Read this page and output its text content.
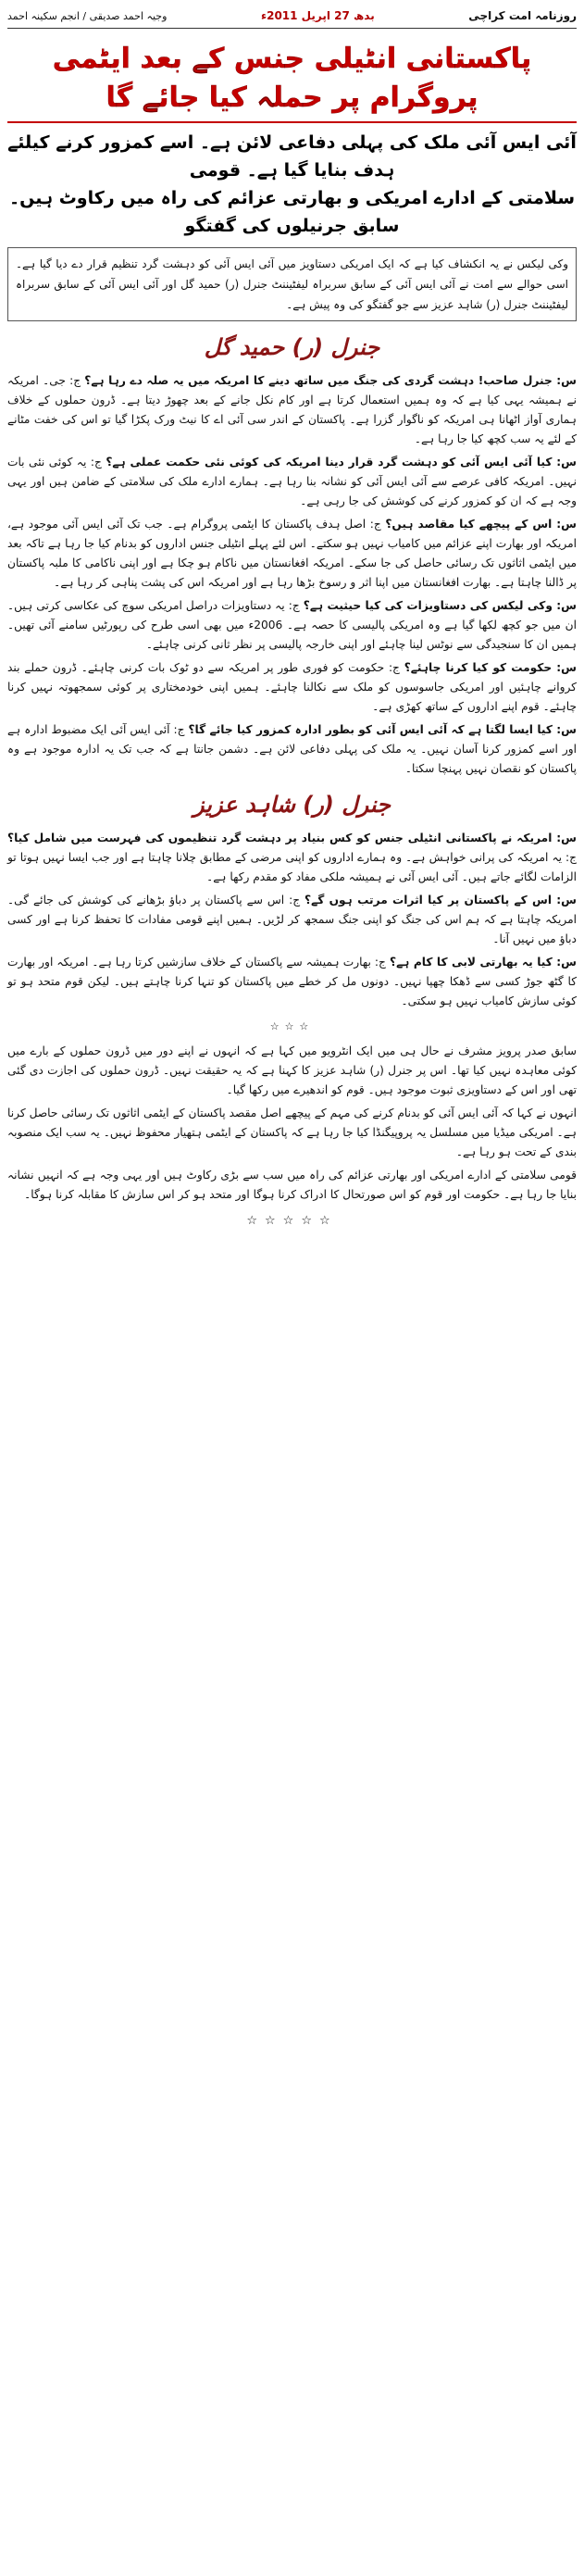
روزنامہ امت کراچی
بدھ 27 اپریل 2011ء
وجیہ احمد صدیقی / انجم سکینہ احمد
پاکستانی انٹیلی جنس کے بعد ایٹمی پروگرام پر حملہ کیا جائے گا
آئی ایس آئی ملک کی پہلی دفاعی لائن ہے۔ اسے کمزور کرنے کیلئے ہدف بنایا گیا ہے۔ قومی
سلامتی کے ادارے امریکی و بھارتی عزائم کی راہ میں رکاوٹ ہیں۔ سابق جرنیلوں کی گفتگو
وکی لیکس نے یہ انکشاف کیا ہے کہ ایک امریکی دستاویز میں آئی ایس آئی کو دہشت گرد تنظیم قرار دے دیا گیا ہے۔ اسی حوالے سے امت نے آئی ایس آئی کے سابق سربراہ لیفٹیننٹ جنرل (ر) حمید گل اور آئی ایس آئی کے سابق سربراہ لیفٹیننٹ جنرل (ر) شاہد عزیز سے جو گفتگو کی وہ پیش ہے۔
جنرل (ر) حمید گل

س: جنرل صاحب! دہشت گردی کی جنگ میں ساتھ دینے کا امریکہ میں یہ صلہ دے رہا ہے؟ ج: جی۔ امریکہ نے ہمیشہ یہی کیا ہے کہ وہ ہمیں استعمال کرتا ہے اور کام نکل جانے کے بعد چھوڑ دیتا ہے۔ ڈرون حملوں کے خلاف ہماری آواز اٹھانا ہی امریکہ کو ناگوار گزرا ہے۔ پاکستان کے اندر سی آئی اے کا نیٹ ورک پکڑا گیا تو اس کی خفت مٹانے کے لئے یہ سب کچھ کیا جا رہا ہے۔

س: کیا آئی ایس آئی کو دہشت گرد قرار دینا امریکہ کی کوئی نئی حکمت عملی ہے؟ ج: یہ کوئی نئی بات نہیں۔ امریکہ کافی عرصے سے آئی ایس آئی کو نشانہ بنا رہا ہے۔ ہمارے ادارے ملک کی سلامتی کے ضامن ہیں اور یہی وجہ ہے کہ ان کو کمزور کرنے کی کوشش کی جا رہی ہے۔

س: اس کے پیچھے کیا مقاصد ہیں؟ ج: اصل ہدف پاکستان کا ایٹمی پروگرام ہے۔ جب تک آئی ایس آئی موجود ہے، امریکہ اور بھارت اپنے عزائم میں کامیاب نہیں ہو سکتے۔ اس لئے پہلے انٹیلی جنس اداروں کو بدنام کیا جا رہا ہے تاکہ بعد میں ایٹمی اثاثوں تک رسائی حاصل کی جا سکے۔ امریکہ افغانستان میں ناکام ہو چکا ہے اور اپنی ناکامی کا ملبہ پاکستان پر ڈالنا چاہتا ہے۔ بھارت افغانستان میں اپنا اثر و رسوخ بڑھا رہا ہے اور امریکہ اس کی پشت پناہی کر رہا ہے۔

س: وکی لیکس کی دستاویزات کی کیا حیثیت ہے؟ ج: یہ دستاویزات دراصل امریکی سوچ کی عکاسی کرتی ہیں۔ ان میں جو کچھ لکھا گیا ہے وہ امریکی پالیسی کا حصہ ہے۔ 2006ء میں بھی اسی طرح کی رپورٹیں سامنے آئی تھیں۔ ہمیں ان کا سنجیدگی سے نوٹس لینا چاہئے اور اپنی خارجہ پالیسی پر نظر ثانی کرنی چاہئے۔

س: حکومت کو کیا کرنا چاہئے؟ ج: حکومت کو فوری طور پر امریکہ سے دو ٹوک بات کرنی چاہئے۔ ڈرون حملے بند کروانے چاہئیں اور امریکی جاسوسوں کو ملک سے نکالنا چاہئے۔ ہمیں اپنی خودمختاری پر کوئی سمجھوتہ نہیں کرنا چاہئے۔ قوم اپنے اداروں کے ساتھ کھڑی ہے۔

س: کیا ایسا لگتا ہے کہ آئی ایس آئی کو بطور ادارہ کمزور کیا جائے گا؟ ج: آئی ایس آئی ایک مضبوط ادارہ ہے اور اسے کمزور کرنا آسان نہیں۔ یہ ملک کی پہلی دفاعی لائن ہے۔ دشمن جانتا ہے کہ جب تک یہ ادارہ موجود ہے وہ پاکستان کو نقصان نہیں پہنچا سکتا۔

جنرل (ر) شاہد عزیز

س: امریکہ نے پاکستانی انٹیلی جنس کو کس بنیاد پر دہشت گرد تنظیموں کی فہرست میں شامل کیا؟ ج: یہ امریکہ کی پرانی خواہش ہے۔ وہ ہمارے اداروں کو اپنی مرضی کے مطابق چلانا چاہتا ہے اور جب ایسا نہیں ہوتا تو الزامات لگائے جاتے ہیں۔ آئی ایس آئی نے ہمیشہ ملکی مفاد کو مقدم رکھا ہے۔

س: اس کے پاکستان پر کیا اثرات مرتب ہوں گے؟ ج: اس سے پاکستان پر دباؤ بڑھانے کی کوشش کی جائے گی۔ امریکہ چاہتا ہے کہ ہم اس کی جنگ کو اپنی جنگ سمجھ کر لڑیں۔ ہمیں اپنے قومی مفادات کا تحفظ کرنا ہے اور کسی دباؤ میں نہیں آنا۔

س: کیا یہ بھارتی لابی کا کام ہے؟ ج: بھارت ہمیشہ سے پاکستان کے خلاف سازشیں کرتا رہا ہے۔ امریکہ اور بھارت کا گٹھ جوڑ کسی سے ڈھکا چھپا نہیں۔ دونوں مل کر خطے میں پاکستان کو تنہا کرنا چاہتے ہیں۔ لیکن قوم متحد ہو تو کوئی سازش کامیاب نہیں ہو سکتی۔

☆☆☆

سابق صدر پرویز مشرف نے حال ہی میں ایک انٹرویو میں کہا ہے کہ انہوں نے اپنے دور میں ڈرون حملوں کے بارے میں کوئی معاہدہ نہیں کیا تھا۔ اس پر جنرل (ر) شاہد عزیز کا کہنا ہے کہ یہ حقیقت نہیں۔ ڈرون حملوں کی اجازت دی گئی تھی اور اس کے دستاویزی ثبوت موجود ہیں۔ قوم کو اندھیرے میں رکھا گیا۔

انہوں نے کہا کہ آئی ایس آئی کو بدنام کرنے کی مہم کے پیچھے اصل مقصد پاکستان کے ایٹمی اثاثوں تک رسائی حاصل کرنا ہے۔ امریکی میڈیا میں مسلسل یہ پروپیگنڈا کیا جا رہا ہے کہ پاکستان کے ایٹمی ہتھیار محفوظ نہیں۔ یہ سب ایک منصوبہ بندی کے تحت ہو رہا ہے۔

قومی سلامتی کے ادارے امریکی اور بھارتی عزائم کی راہ میں سب سے بڑی رکاوٹ ہیں اور یہی وجہ ہے کہ انہیں نشانہ بنایا جا رہا ہے۔ حکومت اور قوم کو اس صورتحال کا ادراک کرنا ہوگا اور متحد ہو کر اس سازش کا مقابلہ کرنا ہوگا۔

☆☆☆☆☆
